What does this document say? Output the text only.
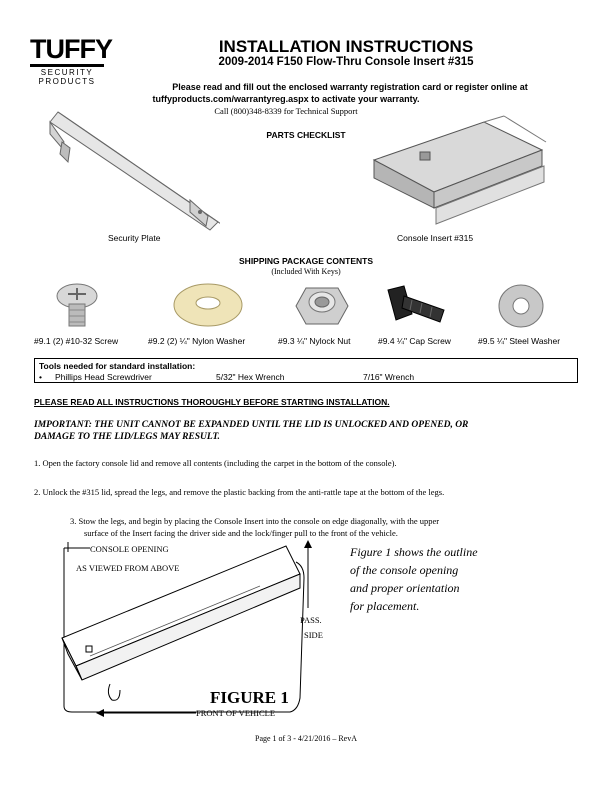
TUFFY
SECURITY
PRODUCTS
INSTALLATION INSTRUCTIONS
2009-2014 F150 Flow-Thru Console Insert #315
Please read and fill out the enclosed warranty registration card or register online at
tuffyproducts.com/warrantyreg.aspx to activate your warranty.
Call (800)348-8339 for Technical Support
PARTS CHECKLIST
Security Plate	Console Insert #315
SHIPPING PACKAGE CONTENTS
(Included With Keys)
#9.1 (2) #10-32 Screw	#9.2 (2) ¼" Nylon Washer	#9.3 ¼" Nylock Nut	#9.4 ¼" Cap Screw	#9.5 ¼" Steel Washer
Tools needed for standard installation:
• Phillips Head Screwdriver	5/32" Hex Wrench	7/16" Wrench
PLEASE READ ALL INSTRUCTIONS THOROUGHLY BEFORE STARTING INSTALLATION.
IMPORTANT: THE UNIT CANNOT BE EXPANDED UNTIL THE LID IS UNLOCKED AND OPENED, OR
DAMAGE TO THE LID/LEGS MAY RESULT.
1. Open the factory console lid and remove all contents (including the carpet in the bottom of the console).
2. Unlock the #315 lid, spread the legs, and remove the plastic backing from the anti-rattle tape at the bottom of the legs.
3. Stow the legs, and begin by placing the Console Insert into the console on edge diagonally, with the upper
surface of the Insert facing the driver side and the lock/finger pull to the front of the vehicle.
CONSOLE OPENING
AS VIEWED FROM ABOVE
PASS.
SIDE
FIGURE 1
FRONT OF VEHICLE
Figure 1 shows the outline
of the console opening
and proper orientation
for placement.
Page 1 of 3 - 4/21/2016 – RevA
